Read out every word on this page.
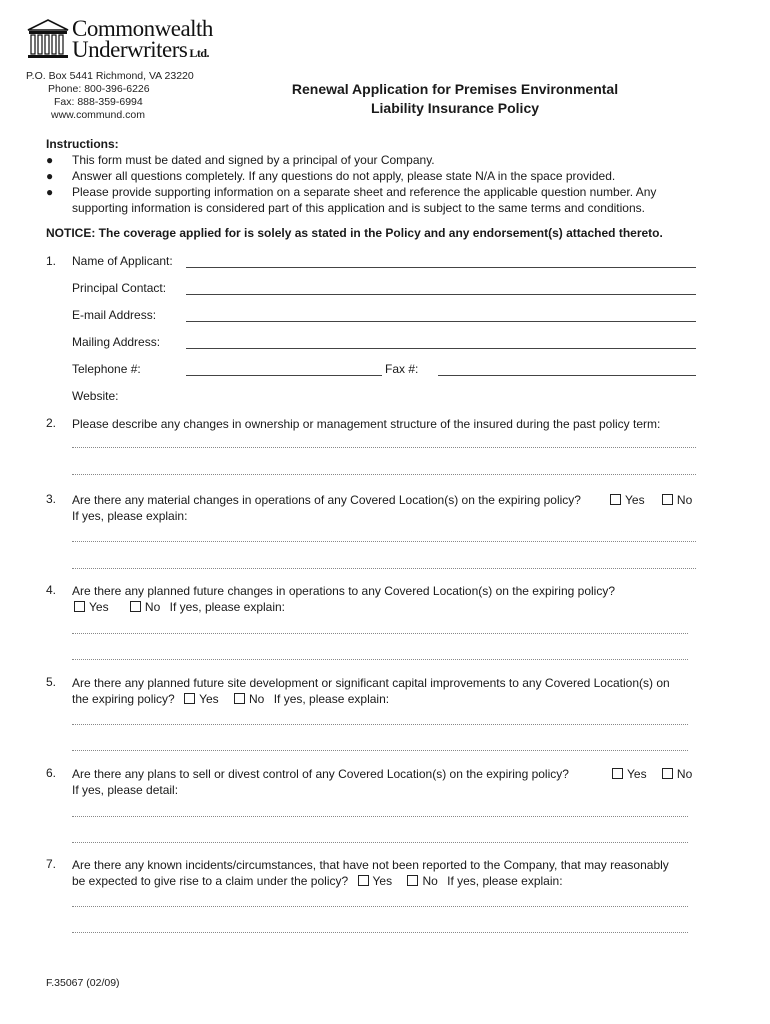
Commonwealth
Underwriters Ltd.
P.O. Box 5441 Richmond, VA 23220
Phone: 800-396-6226
Fax: 888-359-6994
www.commund.com
Renewal Application for Premises Environmental
Liability Insurance Policy
Instructions:
● This form must be dated and signed by a principal of your Company.
● Answer all questions completely. If any questions do not apply, please state N/A in the space provided.
● Please provide supporting information on a separate sheet and reference the applicable question number. Any supporting information is considered part of this application and is subject to the same terms and conditions.
NOTICE: The coverage applied for is solely as stated in the Policy and any endorsement(s) attached thereto.
1. Name of Applicant:
Principal Contact:
E-mail Address:
Mailing Address:
Telephone #:	Fax #:
Website:
2. Please describe any changes in ownership or management structure of the insured during the past policy term:
3. Are there any material changes in operations of any Covered Location(s) on the expiring policy?	Yes	No
If yes, please explain:
4. Are there any planned future changes in operations to any Covered Location(s) on the expiring policy?
Yes	No If yes, please explain:
5. Are there any planned future site development or significant capital improvements to any Covered Location(s) on
the expiring policy? Yes	No If yes, please explain:
6. Are there any plans to sell or divest control of any Covered Location(s) on the expiring policy?	Yes	No
If yes, please detail:
7. Are there any known incidents/circumstances, that have not been reported to the Company, that may reasonably
be expected to give rise to a claim under the policy? Yes	No If yes, please explain:
F.35067 (02/09)
